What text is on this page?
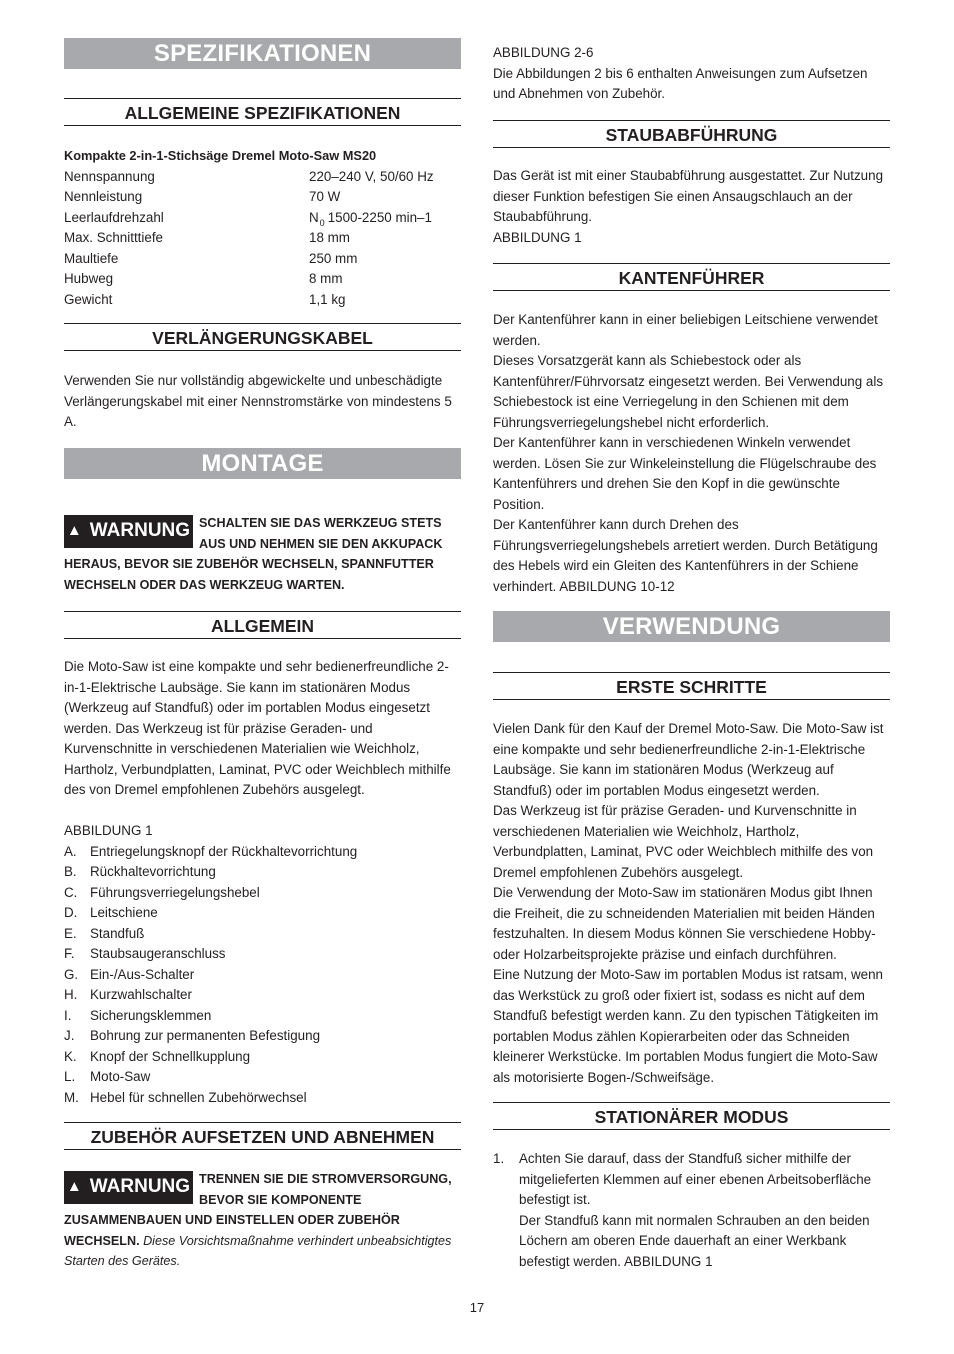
SPEZIFIKATIONEN
ALLGEMEINE SPEZIFIKATIONEN
Kompakte 2-in-1-Stichsäge Dremel Moto-Saw MS20
Nennspannung	220–240 V, 50/60 Hz
Nennleistung	70 W
Leerlaufdrehzahl	$N_0$ 1500-2250 min–1
Max. Schnitttiefe	18 mm
Maultiefe	250 mm
Hubweg	8 mm
Gewicht	1,1 kg
VERLÄNGERUNGSKABEL

Verwenden Sie nur vollständig abgewickelte und unbeschädigte Verlängerungskabel mit einer Nennstromstärke von mindestens 5 A.

MONTAGE
▲ WARNUNG SCHALTEN SIE DAS WERKZEUG STETS
AUS UND NEHMEN SIE DEN AKKUPACK
HERAUS, BEVOR SIE ZUBEHÖR WECHSELN, SPANNFUTTER
WECHSELN ODER DAS WERKZEUG WARTEN.
ALLGEMEIN

Die Moto-Saw ist eine kompakte und sehr bedienerfreundliche 2-in-1-Elektrische Laubsäge. Sie kann im stationären Modus (Werkzeug auf Standfuß) oder im portablen Modus eingesetzt werden. Das Werkzeug ist für präzise Geraden- und Kurvenschnitte in verschiedenen Materialien wie Weichholz, Hartholz, Verbundplatten, Laminat, PVC oder Weichblech mithilfe des von Dremel empfohlenen Zubehörs ausgelegt.

ABBILDUNG 1
A. Entriegelungsknopf der Rückhaltevorrichtung
B. Rückhaltevorrichtung
C. Führungsverriegelungshebel
D. Leitschiene
E. Standfuß
F. Staubsaugeranschluss
G. Ein-/Aus-Schalter
H. Kurzwahlschalter
I. Sicherungsklemmen
J. Bohrung zur permanenten Befestigung
K. Knopf der Schnellkupplung
L. Moto-Saw
M. Hebel für schnellen Zubehörwechsel
ZUBEHÖR AUFSETZEN UND ABNEHMEN
▲ WARNUNG TRENNEN SIE DIE STROMVERSORGUNG,
BEVOR SIE KOMPONENTE
ZUSAMMENBAUEN UND EINSTELLEN ODER ZUBEHÖR
WECHSELN. Diese Vorsichtsmaßnahme verhindert unbeabsichtigtes Starten des Gerätes.
ABBILDUNG 2-6

Die Abbildungen 2 bis 6 enthalten Anweisungen zum Aufsetzen und Abnehmen von Zubehör.

STAUBABFÜHRUNG

Das Gerät ist mit einer Staubabführung ausgestattet. Zur Nutzung dieser Funktion befestigen Sie einen Ansaugschlauch an der Staubabführung.

ABBILDUNG 1
KANTENFÜHRER

Der Kantenführer kann in einer beliebigen Leitschiene verwendet werden.

Dieses Vorsatzgerät kann als Schiebestock oder als Kantenführer/Führvorsatz eingesetzt werden. Bei Verwendung als Schiebestock ist eine Verriegelung in den Schienen mit dem Führungsverriegelungshebel nicht erforderlich.

Der Kantenführer kann in verschiedenen Winkeln verwendet werden. Lösen Sie zur Winkeleinstellung die Flügelschraube des Kantenführers und drehen Sie den Kopf in die gewünschte Position.

Der Kantenführer kann durch Drehen des Führungsverriegelungshebels arretiert werden. Durch Betätigung des Hebels wird ein Gleiten des Kantenführers in der Schiene verhindert. ABBILDUNG 10-12

VERWENDUNG
ERSTE SCHRITTE

Vielen Dank für den Kauf der Dremel Moto-Saw. Die Moto-Saw ist eine kompakte und sehr bedienerfreundliche 2-in-1-Elektrische Laubsäge. Sie kann im stationären Modus (Werkzeug auf Standfuß) oder im portablen Modus eingesetzt werden.

Das Werkzeug ist für präzise Geraden- und Kurvenschnitte in verschiedenen Materialien wie Weichholz, Hartholz, Verbundplatten, Laminat, PVC oder Weichblech mithilfe des von Dremel empfohlenen Zubehörs ausgelegt.

Die Verwendung der Moto-Saw im stationären Modus gibt Ihnen die Freiheit, die zu schneidenden Materialien mit beiden Händen festzuhalten. In diesem Modus können Sie verschiedene Hobby- oder Holzarbeitsprojekte präzise und einfach durchführen.

Eine Nutzung der Moto-Saw im portablen Modus ist ratsam, wenn das Werkstück zu groß oder fixiert ist, sodass es nicht auf dem Standfuß befestigt werden kann. Zu den typischen Tätigkeiten im portablen Modus zählen Kopierarbeiten oder das Schneiden kleinerer Werkstücke. Im portablen Modus fungiert die Moto-Saw als motorisierte Bogen-/Schweifsäge.

STATIONÄRER MODUS
1. Achten Sie darauf, dass der Standfuß sicher mithilfe der mitgelieferten Klemmen auf einer ebenen Arbeitsoberfläche befestigt ist.

Der Standfuß kann mit normalen Schrauben an den beiden Löchern am oberen Ende dauerhaft an einer Werkbank befestigt werden. ABBILDUNG 1

17
